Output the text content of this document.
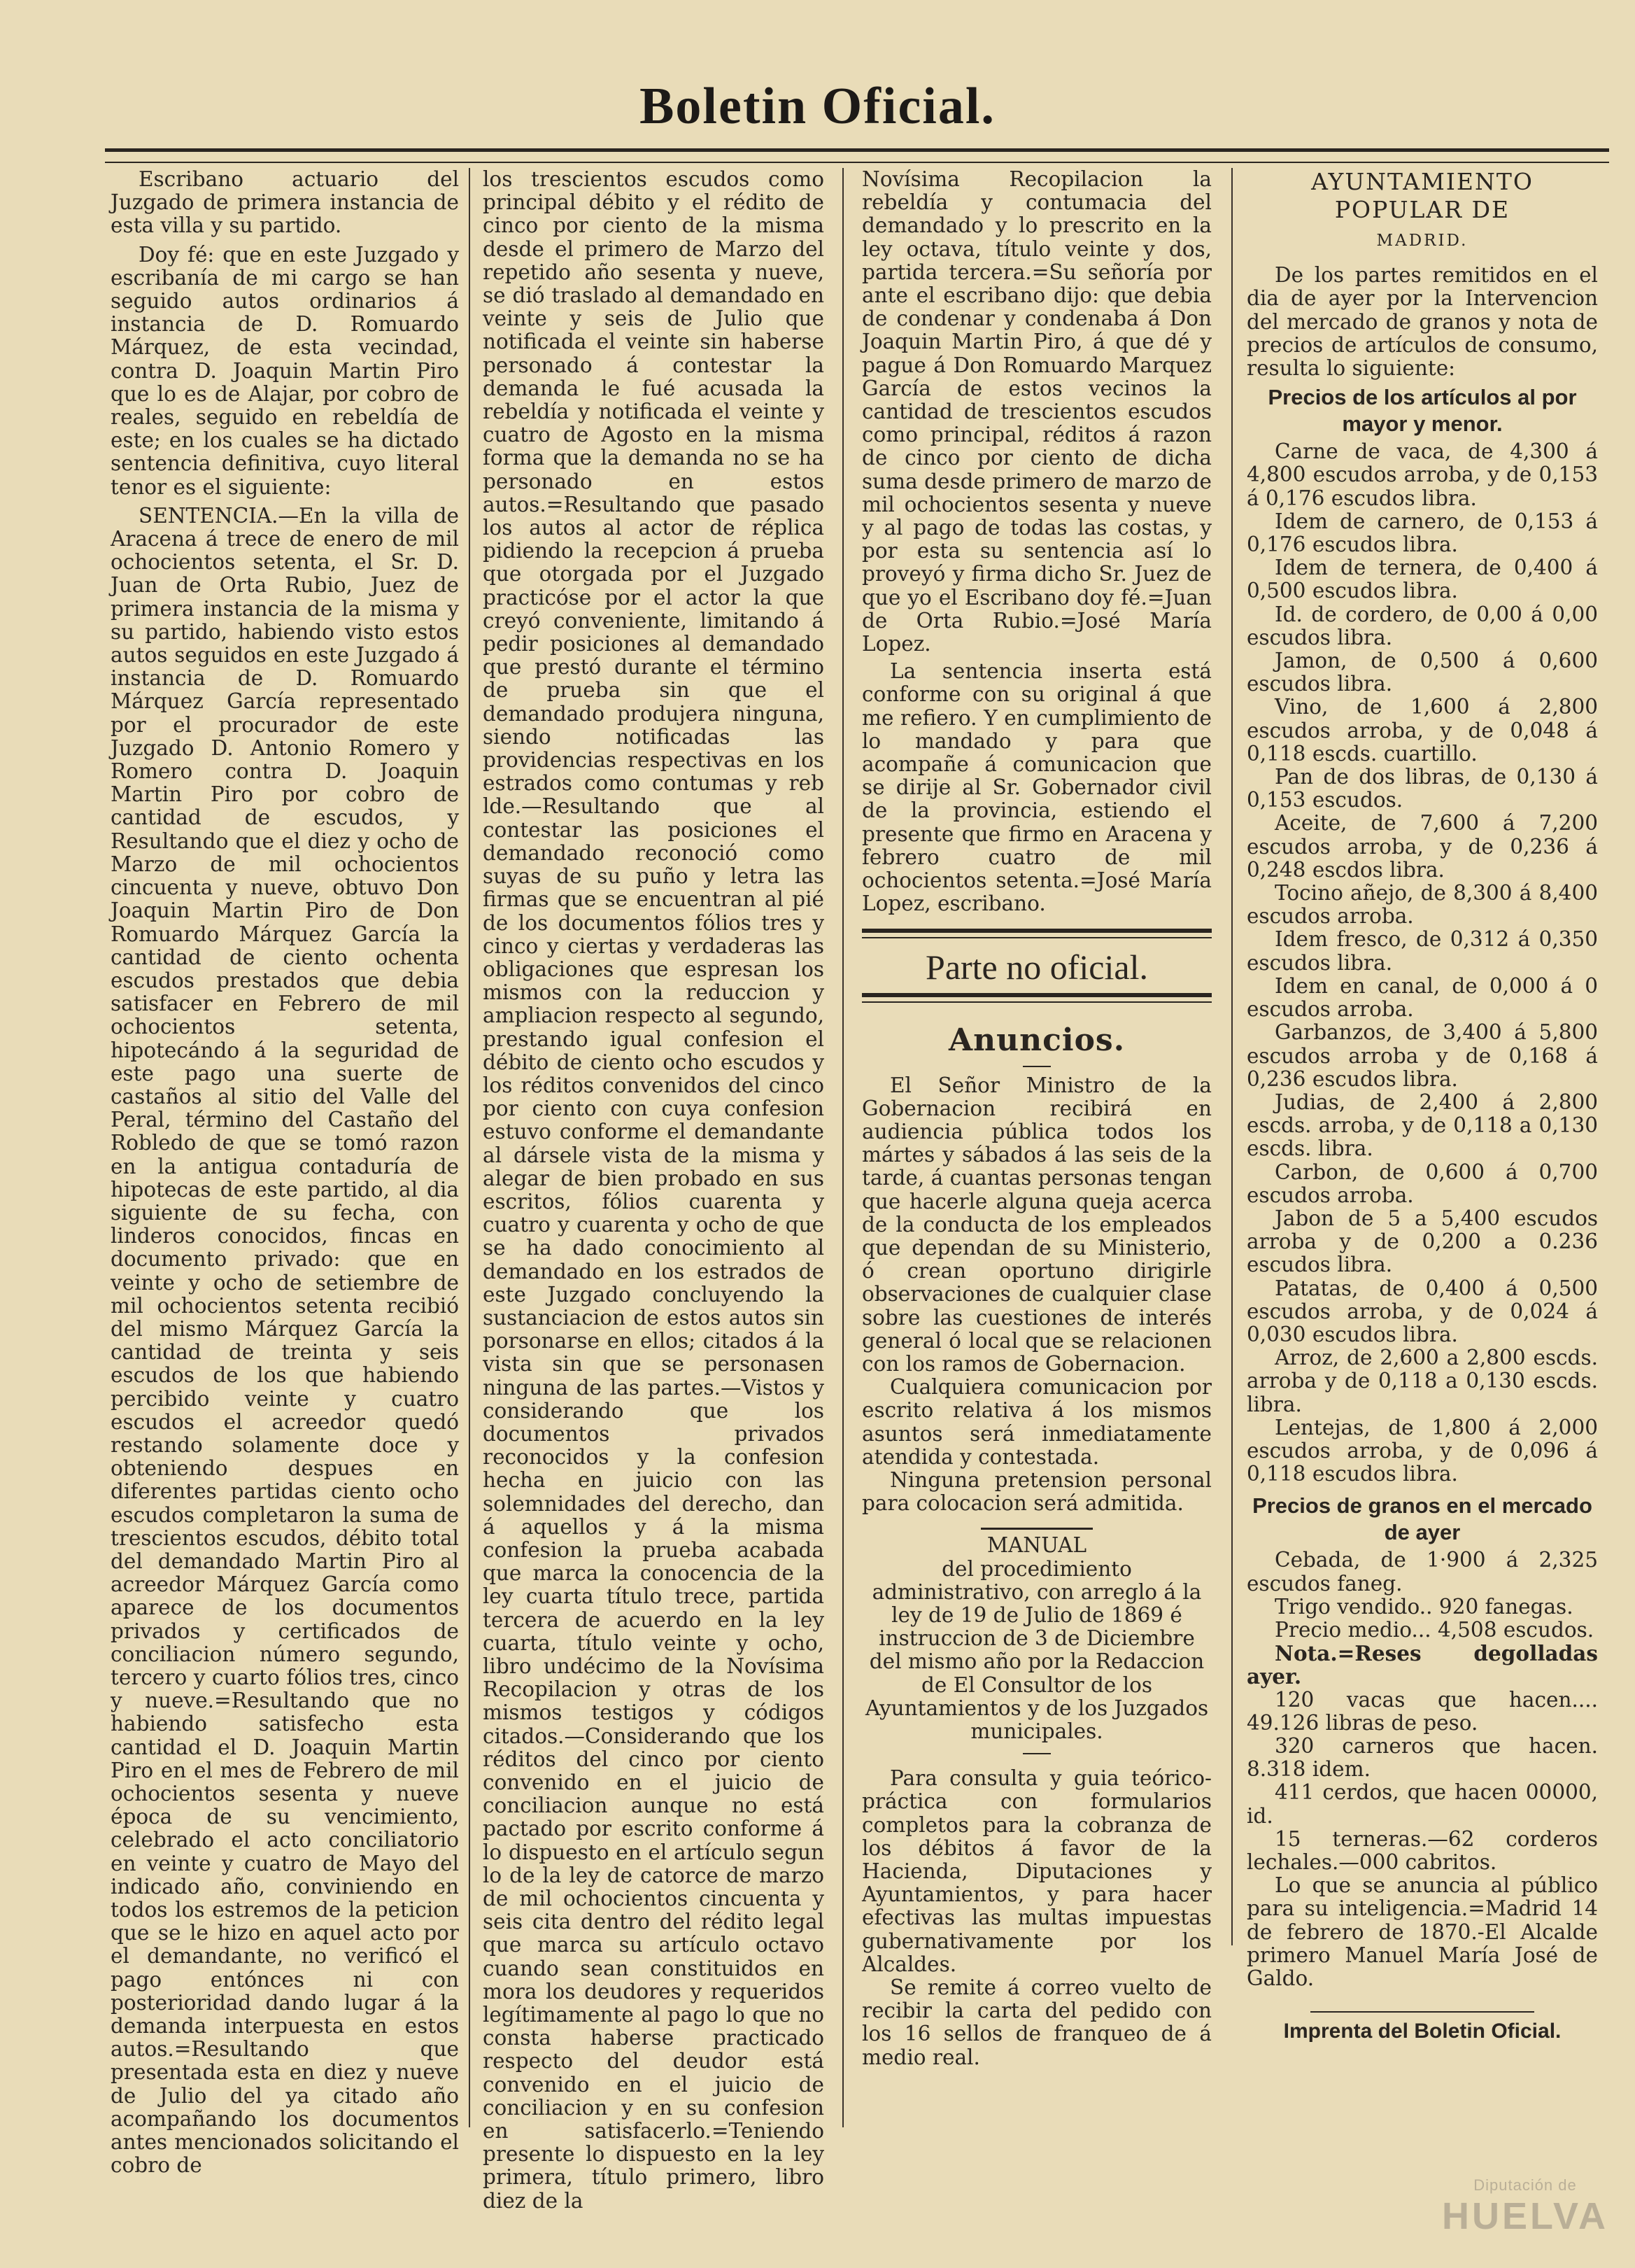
Boletin Oficial.

Escribano actuario del Juzgado de primera instancia de esta villa y su partido.

Doy fé: que en este Juzgado y escribanía de mi cargo se han seguido autos ordinarios á instancia de D. Romuardo Márquez, de esta vecindad, contra D. Joaquin Martin Piro que lo es de Alajar, por cobro de reales, seguido en rebeldía de este; en los cuales se ha dictado sentencia definitiva, cuyo literal tenor es el siguiente:

SENTENCIA.—En la villa de Aracena á trece de enero de mil ochocientos setenta, el Sr. D. Juan de Orta Rubio, Juez de primera instancia de la misma y su partido, habiendo visto estos autos seguidos en este Juzgado á instancia de D. Romuardo Márquez García representado por el procurador de este Juzgado D. Antonio Romero y Romero contra D. Joaquin Martin Piro por cobro de cantidad de escudos, y Resultando que el diez y ocho de Marzo de mil ochocientos cincuenta y nueve, obtuvo Don Joaquin Martin Piro de Don Romuardo Márquez García la cantidad de ciento ochenta escudos prestados que debia satisfacer en Febrero de mil ochocientos setenta, hipotecándo á la seguridad de este pago una suerte de castaños al sitio del Valle del Peral, término del Castaño del Robledo de que se tomó razon en la antigua contaduría de hipotecas de este partido, al dia siguiente de su fecha, con linderos conocidos, fincas en documento privado: que en veinte y ocho de setiembre de mil ochocientos setenta recibió del mismo Márquez García la cantidad de treinta y seis escudos de los que habiendo percibido veinte y cuatro escudos el acreedor quedó restando solamente doce y obteniendo despues en diferentes partidas ciento ocho escudos completaron la suma de trescientos escudos, débito total del demandado Martin Piro al acreedor Márquez García como aparece de los documentos privados y certificados de conciliacion número segundo, tercero y cuarto fólios tres, cinco y nueve.=Resultando que no habiendo satisfecho esta cantidad el D. Joaquin Martin Piro en el mes de Febrero de mil ochocientos sesenta y nueve época de su vencimiento, celebrado el acto conciliatorio en veinte y cuatro de Mayo del indicado año, conviniendo en todos los estremos de la peticion que se le hizo en aquel acto por el demandante, no verificó el pago entónces ni con posterioridad dando lugar á la demanda interpuesta en estos autos.=Resultando que presentada esta en diez y nueve de Julio del ya citado año acompañando los documentos antes mencionados solicitando el cobro de

los trescientos escudos como principal débito y el rédito de cinco por ciento de la misma desde el primero de Marzo del repetido año sesenta y nueve, se dió traslado al demandado en veinte y seis de Julio que notificada el veinte sin haberse personado á contestar la demanda le fué acusada la rebeldía y notificada el veinte y cuatro de Agosto en la misma forma que la demanda no se ha personado en estos autos.=Resultando que pasado los autos al actor de réplica pidiendo la recepcion á prueba que otorgada por el Juzgado practicóse por el actor la que creyó conveniente, limitando á pedir posiciones al demandado que prestó durante el término de prueba sin que el demandado produjera ninguna, siendo notificadas las providencias respectivas en los estrados como contumas y reb lde.—Resultando que al contestar las posiciones el demandado reconoció como suyas de su puño y letra las firmas que se encuentran al pié de los documentos fólios tres y cinco y ciertas y verdaderas las obligaciones que espresan los mismos con la reduccion y ampliacion respecto al segundo, prestando igual confesion el débito de ciento ocho escudos y los réditos convenidos del cinco por ciento con cuya confesion estuvo conforme el demandante al dársele vista de la misma y alegar de bien probado en sus escritos, fólios cuarenta y cuatro y cuarenta y ocho de que se ha dado conocimiento al demandado en los estrados de este Juzgado concluyendo la sustanciacion de estos autos sin porsonarse en ellos; citados á la vista sin que se personasen ninguna de las partes.—Vistos y considerando que los documentos privados reconocidos y la confesion hecha en juicio con las solemnidades del derecho, dan á aquellos y á la misma confesion la prueba acabada que marca la conocencia de la ley cuarta título trece, partida tercera de acuerdo en la ley cuarta, título veinte y ocho, libro undécimo de la Novísima Recopilacion y otras de los mismos testigos y códigos citados.—Considerando que los réditos del cinco por ciento convenido en el juicio de conciliacion aunque no está pactado por escrito conforme á lo dispuesto en el artículo segun lo de la ley de catorce de marzo de mil ochocientos cincuenta y seis cita dentro del rédito legal que marca su artículo octavo cuando sean constituidos en mora los deudores y requeridos legítimamente al pago lo que no consta haberse practicado respecto del deudor está convenido en el juicio de conciliacion y en su confesion en satisfacerlo.=Teniendo presente lo dispuesto en la ley primera, título primero, libro diez de la

Novísima Recopilacion la rebeldía y contumacia del demandado y lo prescrito en la ley octava, título veinte y dos, partida tercera.=Su señoría por ante el escribano dijo: que debia de condenar y condenaba á Don Joaquin Martin Piro, á que dé y pague á Don Romuardo Marquez García de estos vecinos la cantidad de trescientos escudos como principal, réditos á razon de cinco por ciento de dicha suma desde primero de marzo de mil ochocientos sesenta y nueve y al pago de todas las costas, y por esta su sentencia así lo proveyó y firma dicho Sr. Juez de que yo el Escribano doy fé.=Juan de Orta Rubio.=José María Lopez.

La sentencia inserta está conforme con su original á que me refiero. Y en cumplimiento de lo mandado y para que acompañe á comunicacion que se dirije al Sr. Gobernador civil de la provincia, estiendo el presente que firmo en Aracena y febrero cuatro de mil ochocientos setenta.=José María Lopez, escribano.

Parte no oficial.
Anuncios.

El Señor Ministro de la Gobernacion recibirá en audiencia pública todos los mártes y sábados á las seis de la tarde, á cuantas personas tengan que hacerle alguna queja acerca de la conducta de los empleados que dependan de su Ministerio, ó crean oportuno dirigirle observaciones de cualquier clase sobre las cuestiones de interés general ó local que se relacionen con los ramos de Gobernacion.

Cualquiera comunicacion por escrito relativa á los mismos asuntos será inmediatamente atendida y contestada.

Ninguna pretension personal para colocacion será admitida.

MANUAL

del procedimiento administrativo, con arreglo á la ley de 19 de Julio de 1869 é instruccion de 3 de Diciembre del mismo año por la Redaccion de El Consultor de los Ayuntamientos y de los Juzgados municipales.

Para consulta y guia teórico-práctica con formularios completos para la cobranza de los débitos á favor de la Hacienda, Diputaciones y Ayuntamientos, y para hacer efectivas las multas impuestas gubernativamente por los Alcaldes.

Se remite á correo vuelto de recibir la carta del pedido con los 16 sellos de franqueo de á medio real.

AYUNTAMIENTO POPULAR DE
MADRID.

De los partes remitidos en el dia de ayer por la Intervencion del mercado de granos y nota de precios de artículos de consumo, resulta lo siguiente:

Precios de los artículos al por mayor y menor.

Carne de vaca, de 4,300 á 4,800 escudos arroba, y de 0,153 á 0,176 escudos libra.

Idem de carnero, de 0,153 á 0,176 escudos libra.

Idem de ternera, de 0,400 á 0,500 escudos libra.

Id. de cordero, de 0,00 á 0,00 escudos libra.

Jamon, de 0,500 á 0,600 escudos libra.

Vino, de 1,600 á 2,800 escudos arroba, y de 0,048 á 0,118 escds. cuartillo.

Pan de dos libras, de 0,130 á 0,153 escudos.

Aceite, de 7,600 á 7,200 escudos arroba, y de 0,236 á 0,248 escdos libra.

Tocino añejo, de 8,300 á 8,400 escudos arroba.

Idem fresco, de 0,312 á 0,350 escudos libra.

Idem en canal, de 0,000 á 0 escudos arroba.

Garbanzos, de 3,400 á 5,800 escudos arroba y de 0,168 á 0,236 escudos libra.

Judias, de 2,400 á 2,800 escds. arroba, y de 0,118 a 0,130 escds. libra.

Carbon, de 0,600 á 0,700 escudos arroba.

Jabon de 5 a 5,400 escudos arroba y de 0,200 a 0.236 escudos libra.

Patatas, de 0,400 á 0,500 escudos arroba, y de 0,024 á 0,030 escudos libra.

Arroz, de 2,600 a 2,800 escds. arroba y de 0,118 a 0,130 escds. libra.

Lentejas, de 1,800 á 2,000 escudos arroba, y de 0,096 á 0,118 escudos libra.

Precios de granos en el mercado de ayer

Cebada, de 1·900 á 2,325 escudos faneg.

Trigo vendido.. 920 fanegas.

Precio medio... 4,508 escudos.

Nota.=Reses degolladas ayer.

120 vacas que hacen.... 49.126 libras de peso.

320 carneros que hacen. 8.318 idem.

411 cerdos, que hacen 00000, id.

15 terneras.—62 corderos lechales.—000 cabritos.

Lo que se anuncia al público para su inteligencia.=Madrid 14 de febrero de 1870.-El Alcalde primero Manuel María José de Galdo.

Imprenta del Boletin Oficial.
Diputación de
HUELVA
